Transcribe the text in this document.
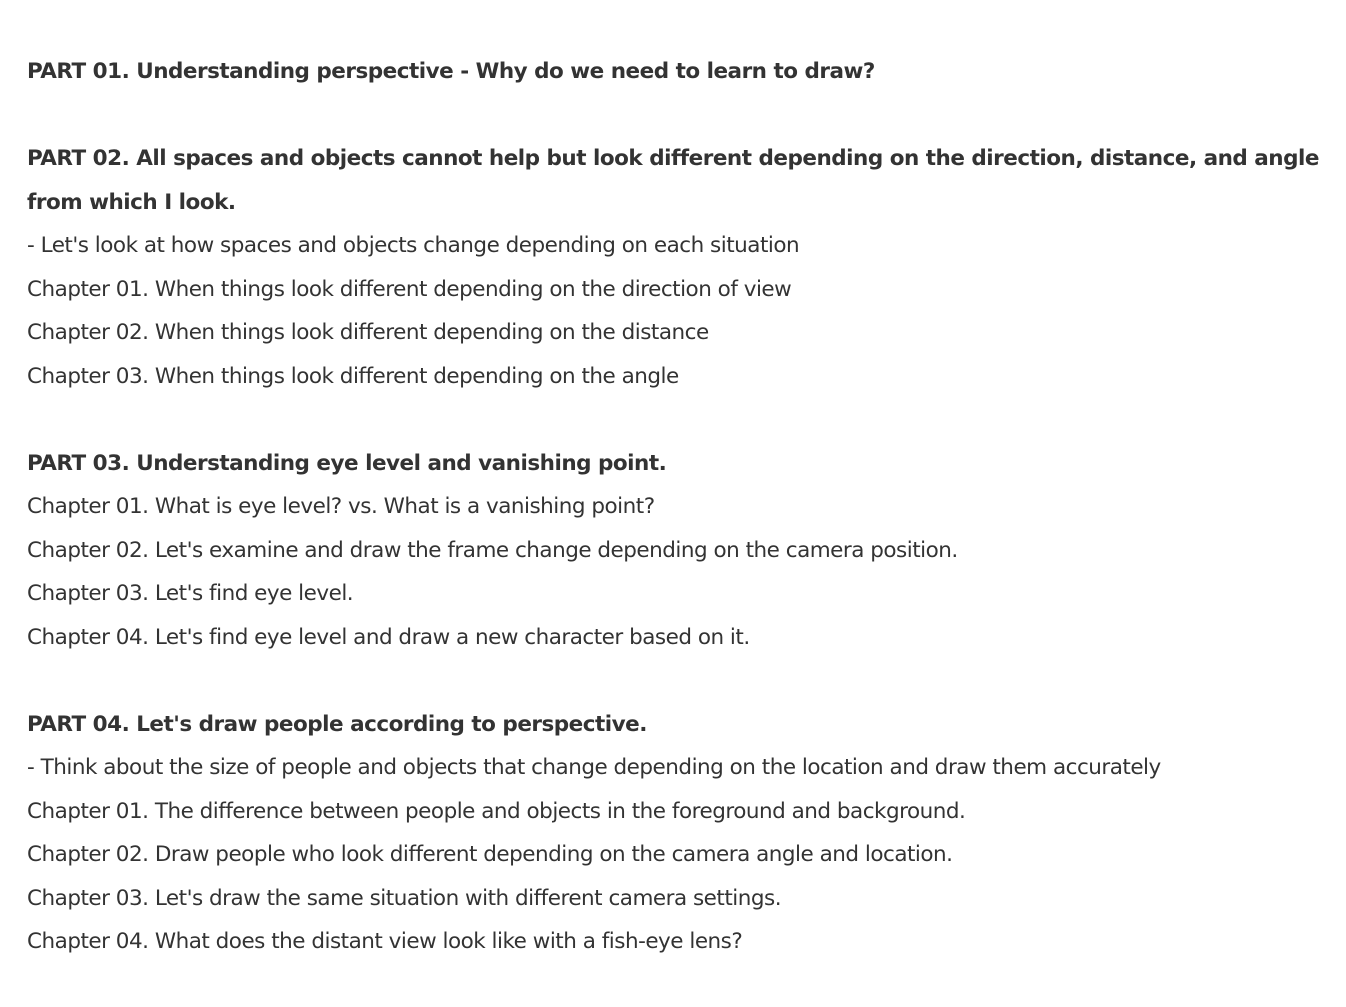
PART 01. Understanding perspective - Why do we need to learn to draw?

PART 02. All spaces and objects cannot help but look different depending on the direction, distance, and angle from which I look.

- Let's look at how spaces and objects change depending on each situation

Chapter 01. When things look different depending on the direction of view

Chapter 02. When things look different depending on the distance

Chapter 03. When things look different depending on the angle

PART 03. Understanding eye level and vanishing point.

Chapter 01. What is eye level? vs. What is a vanishing point?

Chapter 02. Let's examine and draw the frame change depending on the camera position.

Chapter 03. Let's find eye level.

Chapter 04. Let's find eye level and draw a new character based on it.

PART 04. Let's draw people according to perspective.

- Think about the size of people and objects that change depending on the location and draw them accurately

Chapter 01. The difference between people and objects in the foreground and background.

Chapter 02. Draw people who look different depending on the camera angle and location.

Chapter 03. Let's draw the same situation with different camera settings.

Chapter 04. What does the distant view look like with a fish-eye lens?
